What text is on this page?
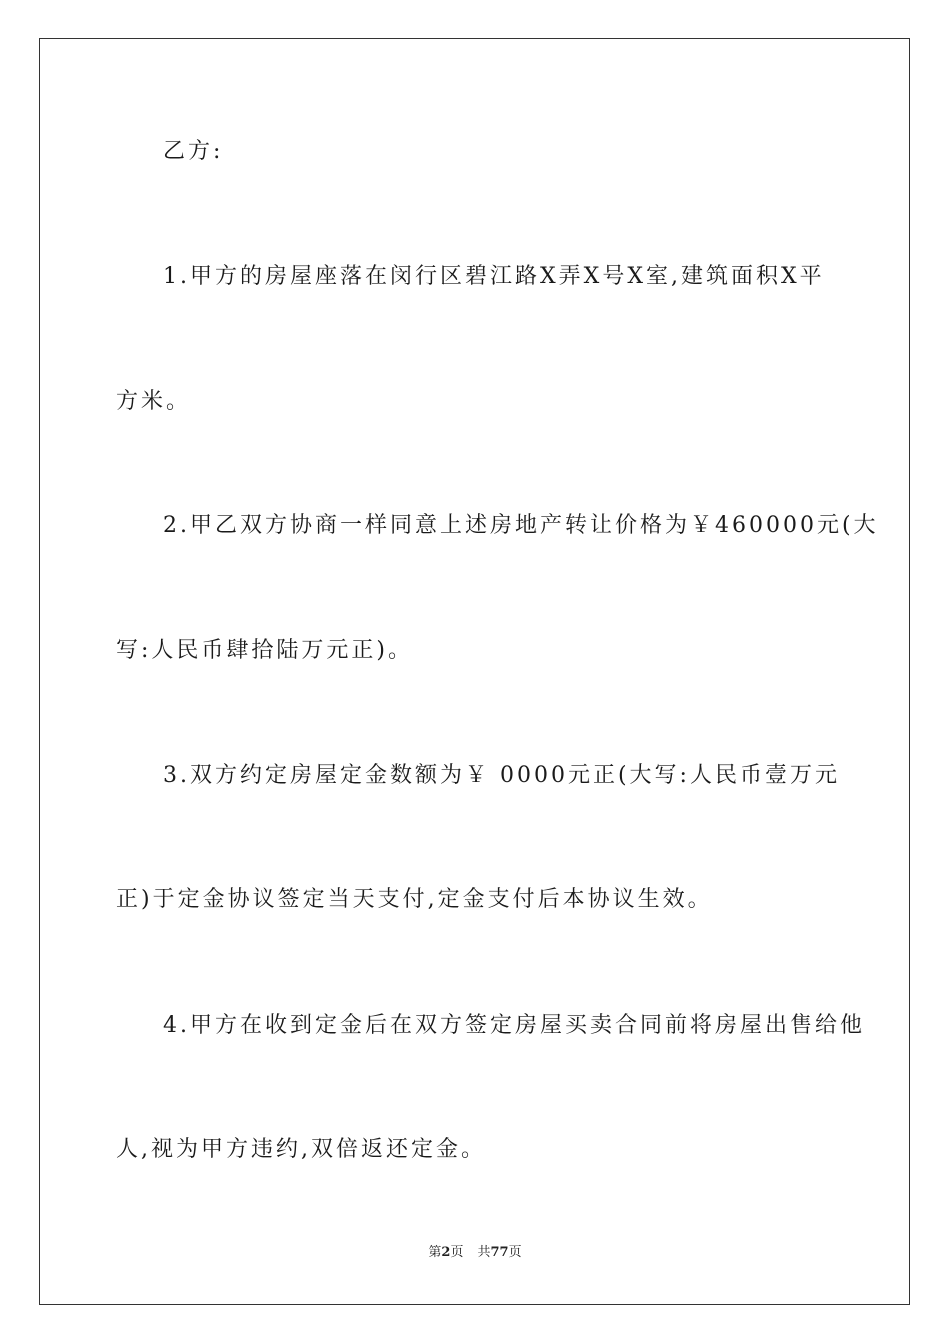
乙方:
1.甲方的房屋座落在闵行区碧江路X弄X号X室,建筑面积X平
方米。
2.甲乙双方协商一样同意上述房地产转让价格为￥460000元(大
写:人民币肆拾陆万元正)。
3.双方约定房屋定金数额为￥ 0000元正(大写:人民币壹万元
正)于定金协议签定当天支付,定金支付后本协议生效。
4.甲方在收到定金后在双方签定房屋买卖合同前将房屋出售给他
人,视为甲方违约,双倍返还定金。
第2页 共77页
